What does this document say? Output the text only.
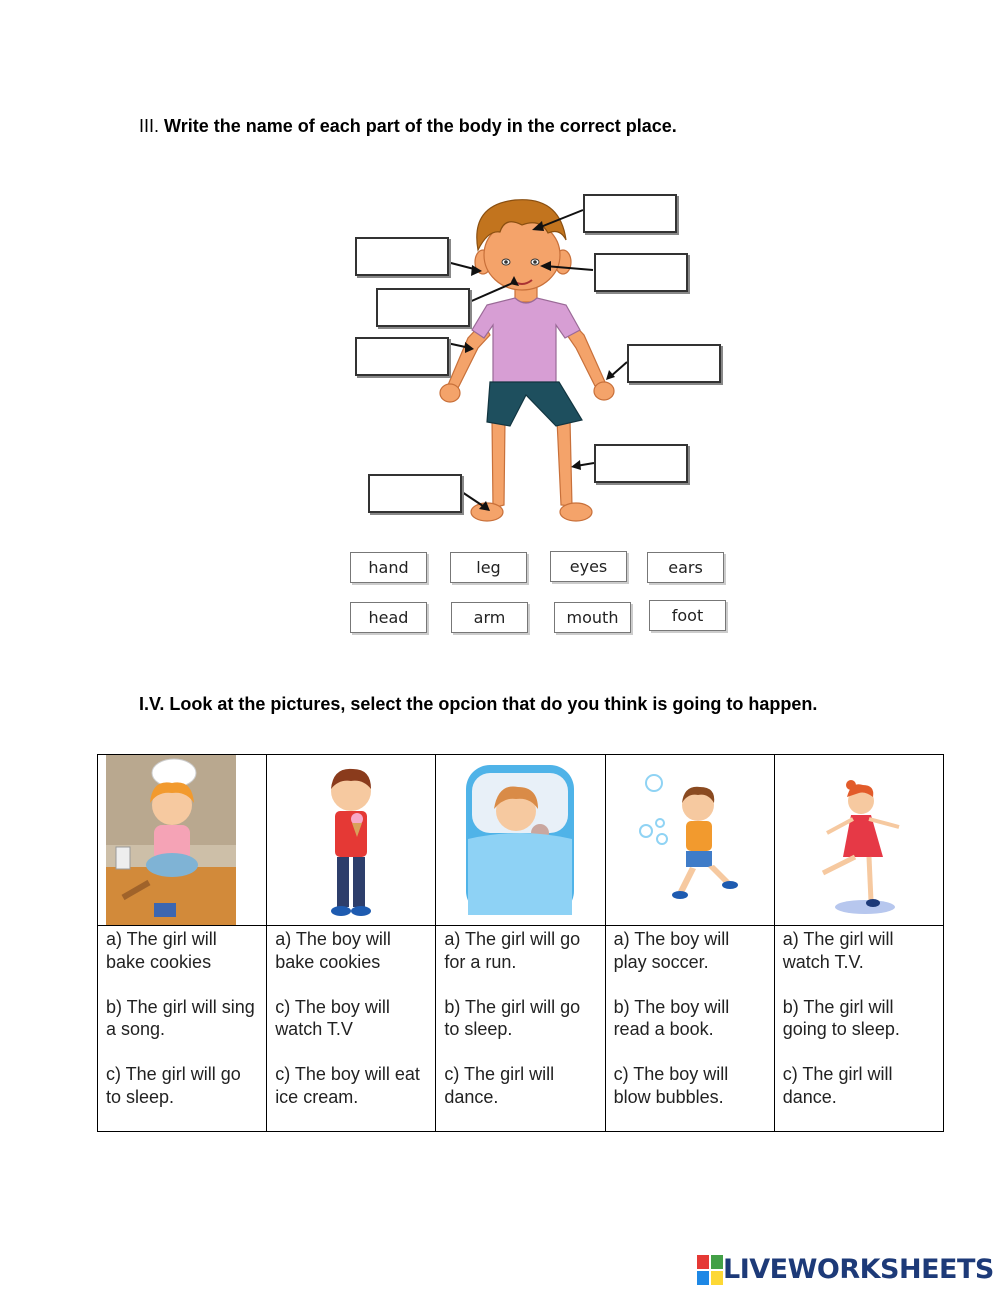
III. Write the name of each part of the body in the correct place.
hand	leg	eyes	ears
head	arm	mouth	foot
I.V. Look at the pictures, select the opcion that do you think is going to happen.

a) The girl will bake cookies
b) The girl will sing a song.
c) The girl will go to sleep.	a) The boy will bake cookies
c) The boy will watch T.V
c) The boy will eat ice cream.	a) The girl will go for a run.
b) The girl will go to sleep.
c) The girl will dance.	a) The boy will play soccer.
b) The boy will read a book.
c) The boy will blow bubbles.	a) The girl will watch T.V.
b) The girl will going to sleep.
c) The girl will dance.
LIVEWORKSHEETS
